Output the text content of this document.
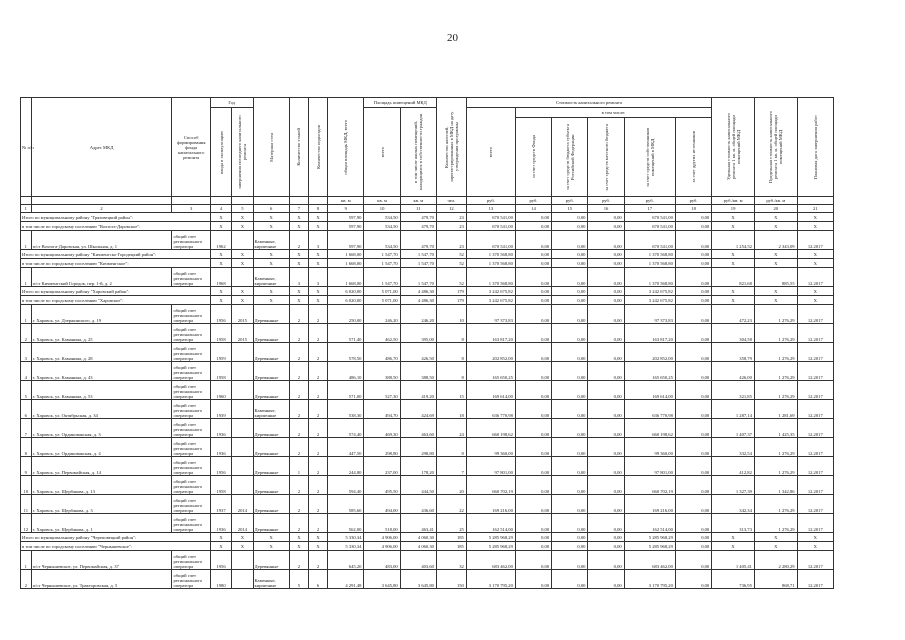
20
№ п/п	Адрес МКД	Способ формирования фонда капитального ремонта	Год		Материал стен	Количество этажей	Количество подъездов	общая площадь МКД, всего	Площадь помещений МКД		Количество жителей, зарегистрированных в МКД на дату утверждения программы	Стоимость капитального ремонта						Удельная стоимость капитального ремонта 1 кв. м. общей площади помещений МКД	Предельная стоимость капитального ремонта 1 кв. м. общей площади помещений МКД	Плановая дата завершения работ

			ввода в эксплуатацию	завершения последнего капитального ремонта					всего	в том числе жилых помещений, находящихся в собственности граждан		всего	в том числе:							

													за счет средств Фонда	за счет средств бюджета субъекта Российской Федерации	за счет средств местного бюджета	за счет средств собственников помещений в МКД	за счет других источников			

								кв. м	кв. м	кв. м	чел.	руб.	руб.	руб.	руб.	руб.	руб.	руб./кв. м	руб./кв. м	
1	2	3	4	5	6	7	8	9	10	11	12	13	14	15	16	17	18	19	20	21
Итого по муниципальному району "Грязовецкий район":			X	X	X	X	X	597,90	534,50	479,70	23	670 541,00	0,00	0,00	0,00	670 541,00	0,00	X	X	X
в том числе по городскому поселению "Вохтога-Даровское":			X	X	X	X	X	597,90	534,50	479,70	23	670 541,00	0,00	0,00	0,00	670 541,00	0,00	X	X	X
1	п/ст Вохтога-Даровская, ул. Школьная, д. 1	общий счет регионального оператора	1962		Каменные, кирпичные	2	3	597,90	534,50	479,70	23	670 541,00	0,00	0,00	0,00	670 541,00	0,00	1 254,52	2 343,09	12.2017
Итого по муниципальному району "Кичменгско-Городецкий район":			X	X	X	X	X	1 668,00	1 547,70	1 547,70	52	1 370 568,80	0,00	0,00	0,00	1 370 568,80	0,00	X	X	X
в том числе по городскому поселению "Кичменгское":			X	X	X	X	X	1 668,00	1 547,70	1 547,70	52	1 370 568,80	0,00	0,00	0,00	1 370 568,80	0,00	X	X	X
1	п/ст Кичменгский Городок, пер. 1-й, д. 2	общий счет регионального оператора	1968		Каменные, кирпичные	3	3	1 668,00	1 547,70	1 547,70	52	1 370 568,80	0,00	0,00	0,00	1 370 568,80	0,00	821,68	885,55	12.2017
Итого по муниципальному району "Харовский район":			X	X	X	X	X	6 020,00	5 071,00	4 486,30	179	3 242 675,82	0,00	0,00	0,00	3 242 675,82	0,00	X	X	X
в том числе по городскому поселению "Харовское":			X	X	X	X	X	6 020,00	5 071,00	4 486,30	179	3 242 675,82	0,00	0,00	0,00	3 242 675,82	0,00	X	X	X
1	г. Харовск, ул. Дзержинского, д. 19	общий счет регионального оператора	1956	2015	Деревянные	2	2	250,00	246,20	246,20	10	97 373,83	0,00	0,00	0,00	97 373,83	0,00	472,23	1 276,29	12.2017
2	г. Харовск, ул. Каманина, д. 25	общий счет регионального оператора	1958	2015	Деревянные	2	2	571,40	462,50	395,00	8	163 817,20	0,00	0,00	0,00	163 817,20	0,00	304,58	1 276,29	12.2017
3	г. Харовск, ул. Каманина, д. 28	общий счет регионального оператора	1959		Деревянные	2	2	578,50	486,70	426,50	8	202 852,00	0,00	0,00	0,00	202 852,00	0,00	358,79	1 276,29	12.2017
4	г. Харовск, ул. Каманина, д. 43	общий счет регионального оператора	1958		Деревянные	2	2	486,10	388,50	388,50	8	165 650,25	0,00	0,00	0,00	165 650,25	0,00	426,00	1 276,29	12.2017
5	г. Харовск, ул. Каманина, д. 53	общий счет регионального оператора	1960		Деревянные	2	2	571,00	527,30	419,20	15	169 614,00	0,00	0,00	0,00	169 614,00	0,00	321,85	1 276,29	12.2017
6	г. Харовск, ул. Октябрьская, д. 34	общий счет регионального оператора	1939		Каменные, кирпичные	2	2	538,30	494,70	424,69	18	636 770,98	0,00	0,00	0,00	636 770,98	0,00	1 287,14	1 281,69	12.2017
7	г. Харовск, ул. Ординовакская, д. 3	общий счет регионального оператора	1936		Деревянные	2	2	574,40	469,30	463,60	24	660 198,62	0,00	0,00	0,00	660 198,62	0,00	1 407,37	1 425,35	12.2017
8	г. Харовск, ул. Ординовакская, д. 4	общий счет регионального оператора	1936		Деревянные	2	2	447,50	298,80	298,80	8	99 360,00	0,00	0,00	0,00	99 360,00	0,00	332,54	1 276,29	12.2017
9	г. Харовск, ул. Первомайская, д. 14	общий счет регионального оператора	1956		Деревянные	1	2	244,80	237,00	178,20	7	97 801,00	0,00	0,00	0,00	97 801,00	0,00	412,82	1 276,29	12.2017
10	г. Харовск, ул. Щербакова, д. 13	общий счет регионального оператора	1958		Деревянные	2	2	594,40	495,50	444,50	20	660 702,19	0,00	0,00	0,00	660 702,19	0,00	1 327,39	1 342,86	12.2017
11	г. Харовск, ул. Щербакова, д. 3	общий счет регионального оператора	1937	2014	Деревянные	2	2	585,60	494,00	436,60	22	169 216,00	0,00	0,00	0,00	169 216,00	0,00	342,34	1 276,29	12.2017
12	г. Харовск, ул. Щербакова, д. 1	общий счет регионального оператора	1936	2014	Деревянные	2	2	562,00	518,00	463,41	25	162 514,00	0,00	0,00	0,00	162 514,00	0,00	313,73	1 276,29	12.2017
Итого по муниципальному району "Череповецкий район":			X	X	X	X	X	5 330,34	4 906,00	4 060,30	185	5 285 968,29	0,00	0,00	0,00	5 285 968,29	0,00	X	X	X
в том числе по городскому поселению "Чернышевское":			X	X	X	X	X	5 330,34	4 906,00	4 060,30	185	5 285 968,29	0,00	0,00	0,00	5 285 968,29	0,00	X	X	X
1	п/ст Чернышевское, ул. Первомайская, д. 37	общий счет регионального оператора	1956		Деревянные	2	2	645,20	483,00	403,60	32	683 462,00	0,00	0,00	0,00	683 462,00	0,00	1 405,41	2 280,29	12.2017
2	п/ст Чернышевское, ул. Тракторовская, д. 5	общий счет регионального оператора	1980		Каменные, кирпичные	5	6	4 291,48	3 645,80	3 645,80	150	3 170 795,20	0,00	0,00	0,00	3 170 795,20	0,00	736,95	868,71	12.2017
